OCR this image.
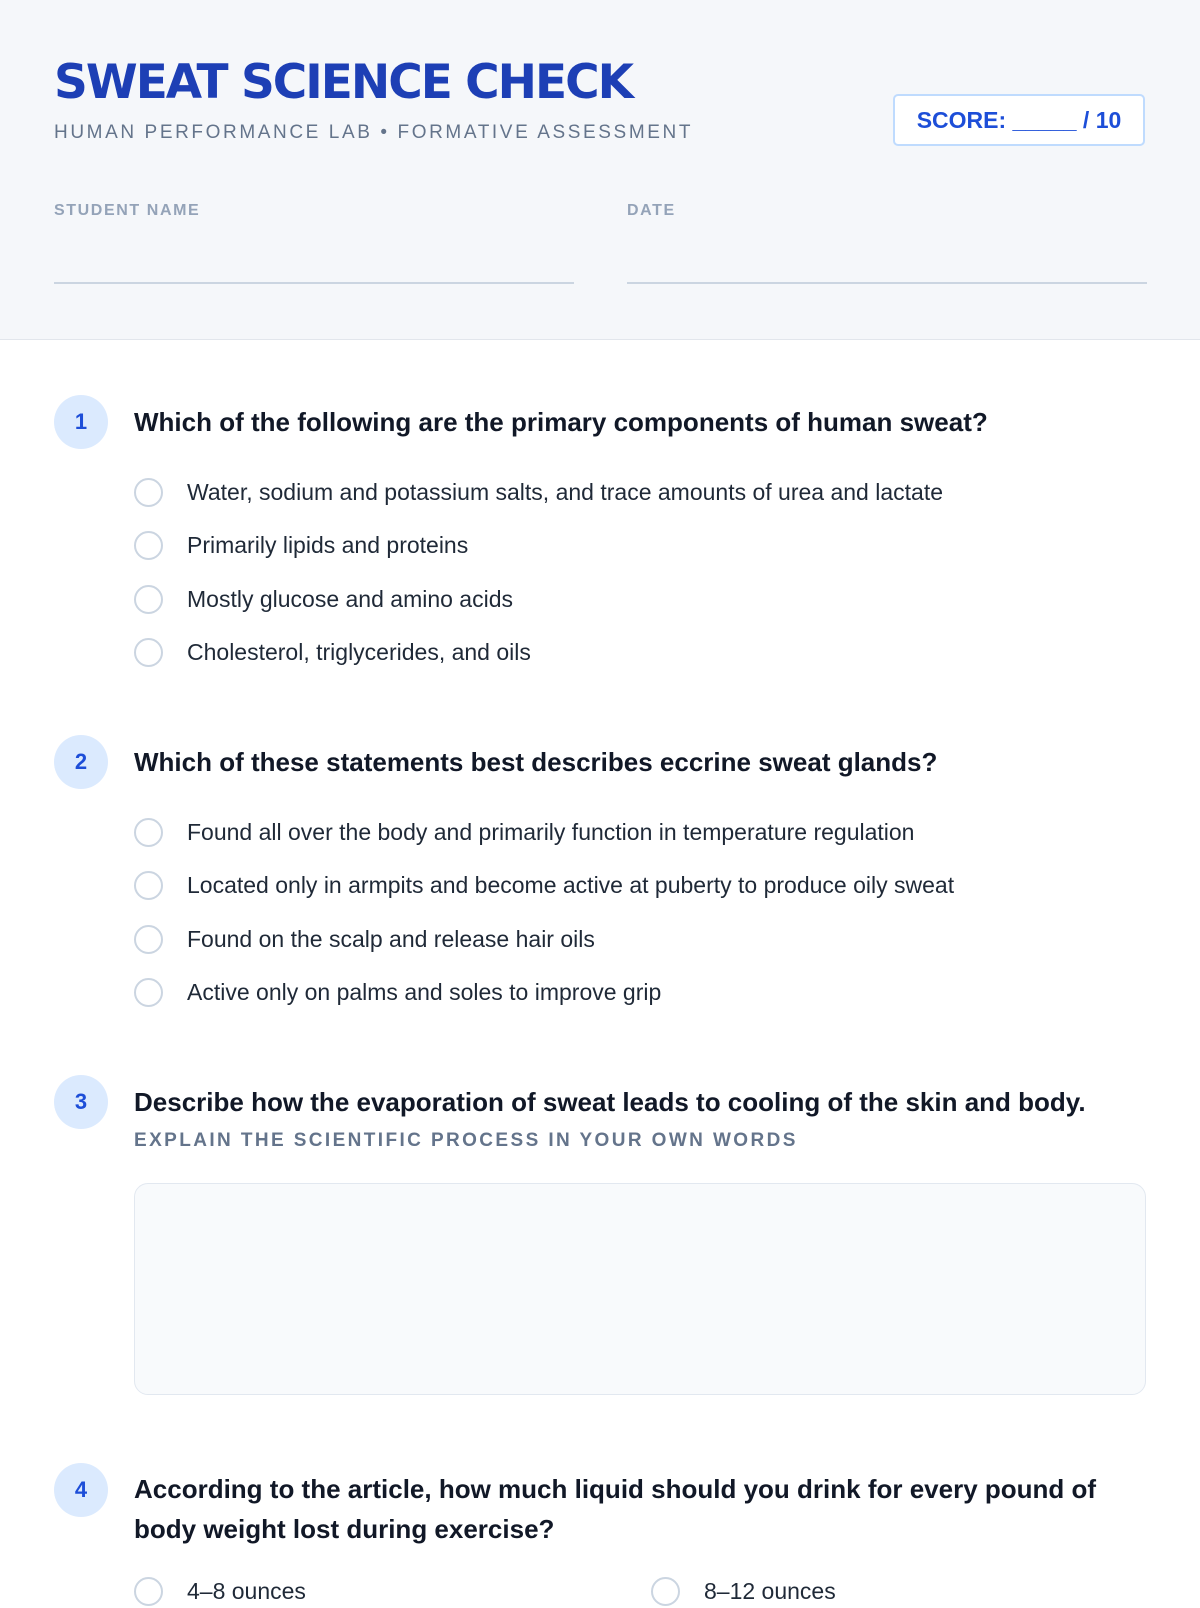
SWEAT SCIENCE CHECK
HUMAN PERFORMANCE LAB • FORMATIVE ASSESSMENT	SCORE: _____ / 10
STUDENT NAME	DATE
1	Which of the following are the primary components of human sweat?
Water, sodium and potassium salts, and trace amounts of urea and lactate
Primarily lipids and proteins
Mostly glucose and amino acids
Cholesterol, triglycerides, and oils
2	Which of these statements best describes eccrine sweat glands?
Found all over the body and primarily function in temperature regulation
Located only in armpits and become active at puberty to produce oily sweat
Found on the scalp and release hair oils
Active only on palms and soles to improve grip
3	Describe how the evaporation of sweat leads to cooling of the skin and body.
EXPLAIN THE SCIENTIFIC PROCESS IN YOUR OWN WORDS
4	According to the article, how much liquid should you drink for every pound of body weight lost during exercise?
4–8 ounces	8–12 ounces
